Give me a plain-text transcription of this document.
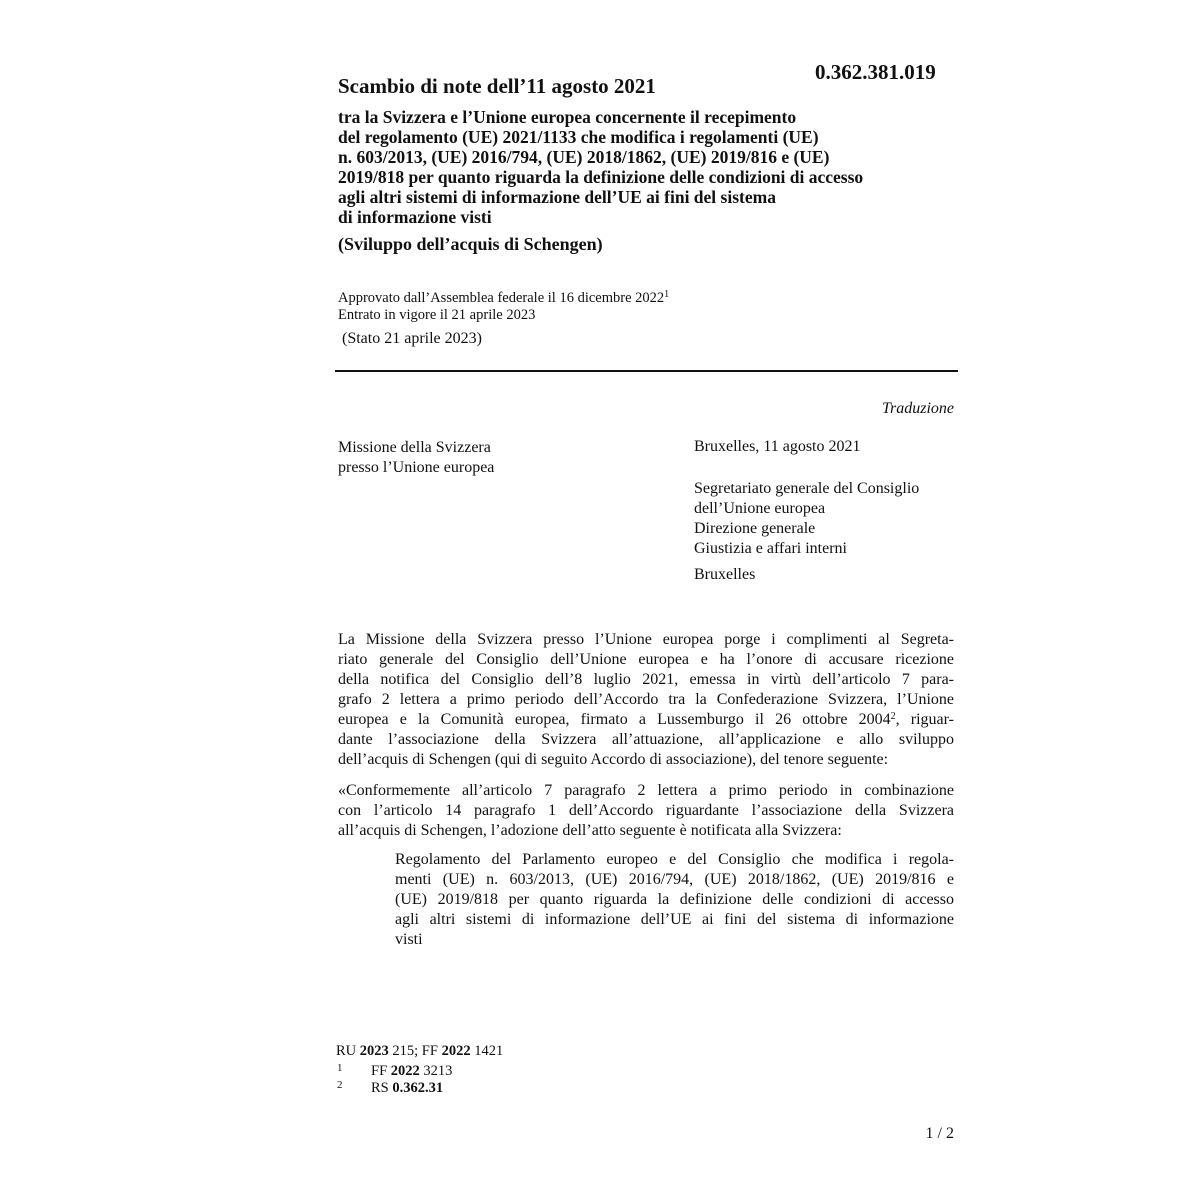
0.362.381.019
Scambio di note dell’11 agosto 2021
tra la Svizzera e l’Unione europea concernente il recepimento
del regolamento (UE) 2021/1133 che modifica i regolamenti (UE)
n. 603/2013, (UE) 2016/794, (UE) 2018/1862, (UE) 2019/816 e (UE)
2019/818 per quanto riguarda la definizione delle condizioni di accesso
agli altri sistemi di informazione dell’UE ai fini del sistema
di informazione visti
(Sviluppo dell’acquis di Schengen)
Approvato dall’Assemblea federale il 16 dicembre 2022$^1$
Entrato in vigore il 21 aprile 2023
(Stato 21 aprile 2023)
Traduzione
Missione della Svizzera
presso l’Unione europea
Bruxelles, 11 agosto 2021
Segretariato generale del Consiglio
dell’Unione europea
Direzione generale
Giustizia e affari interni
Bruxelles
La Missione della Svizzera presso l’Unione europea porge i complimenti al Segreta-
riato generale del Consiglio dell’Unione europea e ha l’onore di accusare ricezione
della notifica del Consiglio dell’8 luglio 2021, emessa in virtù dell’articolo 7 para-
grafo 2 lettera a primo periodo dell’Accordo tra la Confederazione Svizzera, l’Unione
europea e la Comunità europea, firmato a Lussemburgo il 26 ottobre 2004$^2$, riguar-
dante l’associazione della Svizzera all’attuazione, all’applicazione e allo sviluppo
dell’acquis di Schengen (qui di seguito Accordo di associazione), del tenore seguente:
«Conformemente all’articolo 7 paragrafo 2 lettera a primo periodo in combinazione
con l’articolo 14 paragrafo 1 dell’Accordo riguardante l’associazione della Svizzera
all’acquis di Schengen, l’adozione dell’atto seguente è notificata alla Svizzera:
Regolamento del Parlamento europeo e del Consiglio che modifica i regola-
menti (UE) n. 603/2013, (UE) 2016/794, (UE) 2018/1862, (UE) 2019/816 e
(UE) 2019/818 per quanto riguarda la definizione delle condizioni di accesso
agli altri sistemi di informazione dell’UE ai fini del sistema di informazione
visti
RU 2023 215; FF 2022 1421
1 FF 2022 3213
2 RS 0.362.31
1 / 2
